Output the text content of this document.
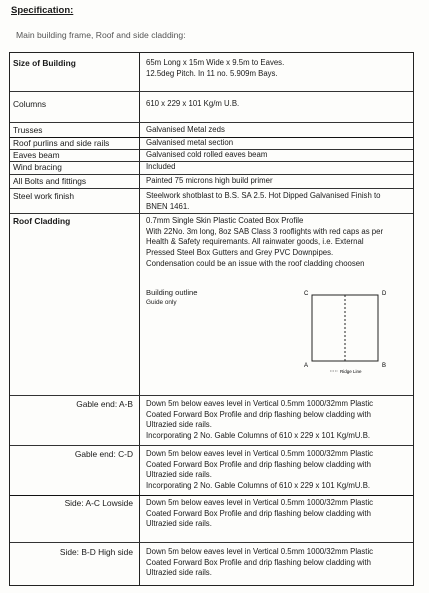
Specification:
Main building frame, Roof and side cladding:
Size of Building	65m Long x 15m Wide x 9.5m to Eaves.

12.5deg Pitch. In 11 no. 5.909m Bays.

Columns	610 x 229 x 101 Kg/m U.B.

Trusses	Galvanised Metal zeds

Roof purlins and side rails	Galvanised metal section

Eaves beam	Galvanised cold rolled eaves beam

Wind bracing	Included

All Bolts and fittings	Painted 75 microns high build primer

Steel work finish	Steelwork shotblast to B.S. SA 2.5. Hot Dipped Galvanised Finish to

BNEN 1461.

Roof Cladding	0.7mm Single Skin Plastic Coated Box Profile

With 22No. 3m long, 8oz SAB Class 3 rooflights with red caps as per

Health & Safety requiremants. All rainwater goods, i.e. External

Pressed Steel Box Gutters and Grey PVC Downpipes.

Condensation could be an issue with the roof cladding choosen

Gable end: A-B Down 5m below eaves level in Vertical 0.5mm 1000/32mm Plastic

Coated Forward Box Profile and drip flashing below cladding with

Ultrazied side rails.

Incorporating 2 No. Gable Columns of 610 x 229 x 101 Kg/mU.B.

Gable end: C-D Down 5m below eaves level in Vertical 0.5mm 1000/32mm Plastic

Coated Forward Box Profile and drip flashing below cladding with

Ultrazied side rails.

Incorporating 2 No. Gable Columns of 610 x 229 x 101 Kg/mU.B.

Side: A-C Lowside Down 5m below eaves level in Vertical 0.5mm 1000/32mm Plastic

Coated Forward Box Profile and drip flashing below cladding with

Ultrazied side rails.

Side: B-D High side Down 5m below eaves level in Vertical 0.5mm 1000/32mm Plastic

Coated Forward Box Profile and drip flashing below cladding with

Ultrazied side rails.

Building outline
Guide only
C	D
A	B
Ridge Line
